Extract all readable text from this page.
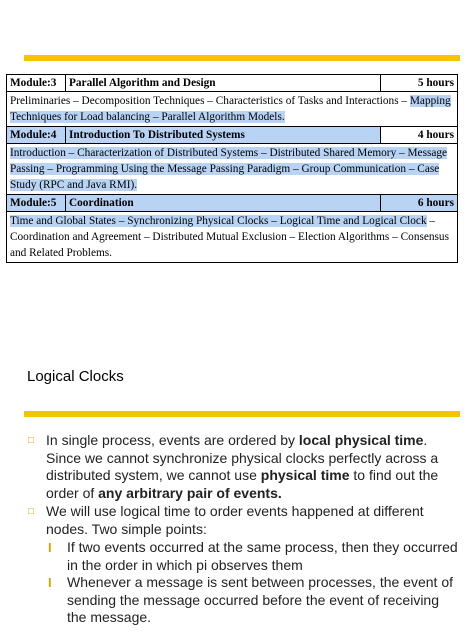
Module:3	Parallel Algorithm and Design	5 hours
Preliminaries – Decomposition Techniques – Characteristics of Tasks and Interactions – Mapping Techniques for Load balancing – Parallel Algorithm Models.		
Module:4	Introduction To Distributed Systems	4 hours
Introduction – Characterization of Distributed Systems – Distributed Shared Memory – Message Passing – Programming Using the Message Passing Paradigm – Group Communication – Case Study (RPC and Java RMI).		
Module:5	Coordination	6 hours
Time and Global States – Synchronizing Physical Clocks – Logical Time and Logical Clock – Coordination and Agreement – Distributed Mutual Exclusion – Election Algorithms – Consensus and Related Problems.		
Logical Clocks
□ In single process, events are ordered by local physical time. Since we cannot synchronize physical clocks perfectly across a distributed system, we cannot use physical time to find out the order of any arbitrary pair of events.
□ We will use logical time to order events happened at different nodes. Two simple points:
I If two events occurred at the same process, then they occurred in the order in which pi observes them
I Whenever a message is sent between processes, the event of sending the message occurred before the event of receiving the message.
